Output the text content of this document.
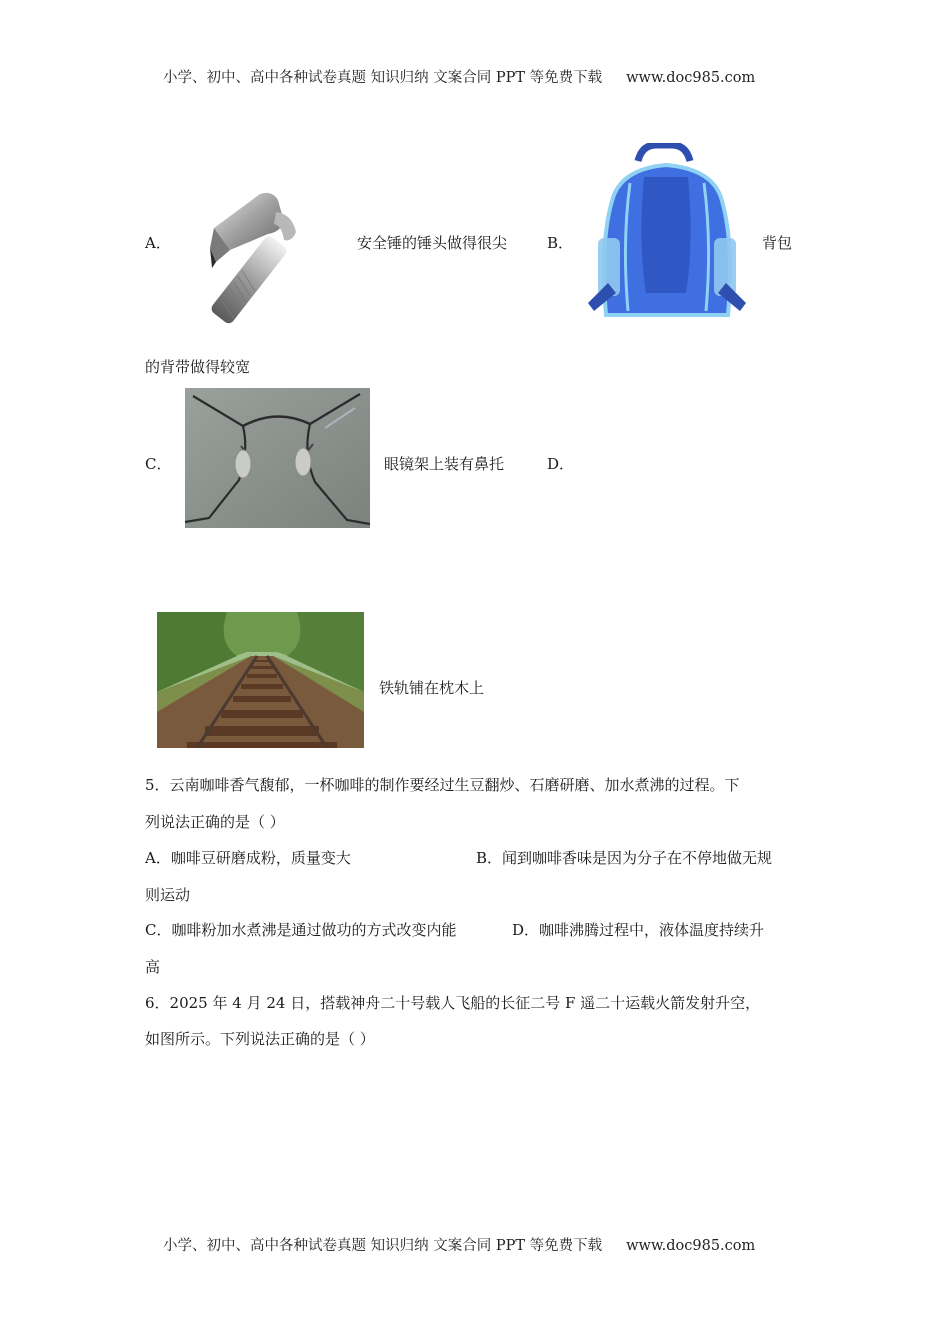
小学、初中、高中各种试卷真题 知识归纳 文案合同 PPT 等免费下载 www.doc985.com
A．	安全锤的锤头做得很尖	B．	背包
的背带做得较宽
C．	眼镜架上装有鼻托	D．
铁轨铺在枕木上
5．云南咖啡香气馥郁，一杯咖啡的制作要经过生豆翻炒、石磨研磨、加水煮沸的过程。下
列说法正确的是（ ）
A．咖啡豆研磨成粉，质量变大	B．闻到咖啡香味是因为分子在不停地做无规
则运动
C．咖啡粉加水煮沸是通过做功的方式改变内能	D．咖啡沸腾过程中，液体温度持续升
高
6．2025 年 4 月 24 日，搭载神舟二十号载人飞船的长征二号 F 遥二十运载火箭发射升空，
如图所示。下列说法正确的是（ ）
小学、初中、高中各种试卷真题 知识归纳 文案合同 PPT 等免费下载 www.doc985.com
